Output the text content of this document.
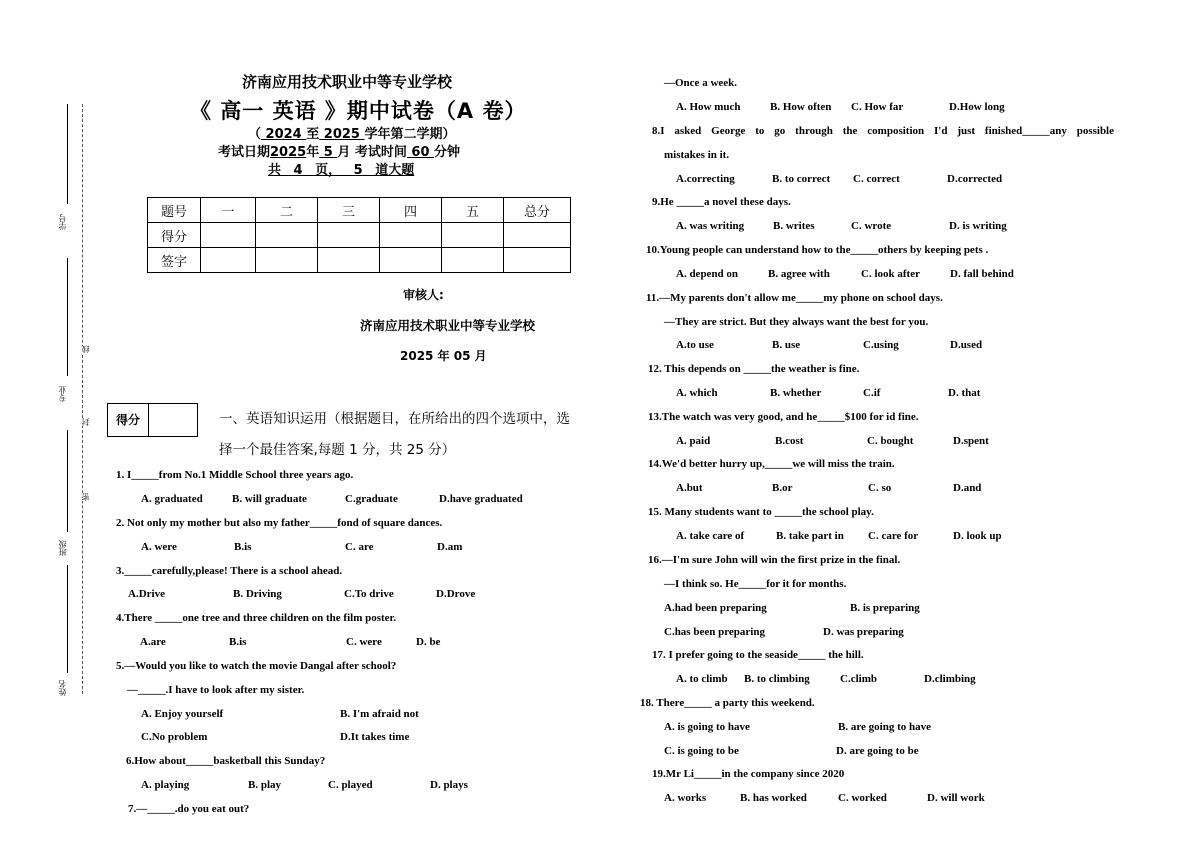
学号
线
专业
封
密
班级
姓名
济南应用技术职业中等专业学校
《 高一 英语 》期中试卷（A 卷）
（ 2024 至 2025 学年第二学期）
考试日期2025年 5 月 考试时间 60 分钟
共 4 页， 5 道大题
题号	一	二	三	四	五	总分
得分						
签字						
审核人:
济南应用技术职业中等专业学校
2025 年 05 月
得分	一、英语知识运用（根据题目，在所给出的四个选项中，选
择一个最佳答案,每题 1 分，共 25 分）
1. I_____from No.1 Middle School three years ago.
A. graduated	B. will graduate	C.graduate	D.have graduated
2. Not only my mother but also my father_____fond of square dances.
A. were	B.is	C. are	D.am
3._____carefully,please! There is a school ahead.
A.Drive	B. Driving	C.To drive	D.Drove
4.There _____one tree and three children on the film poster.
A.are	B.is	C. were	D. be
5.—Would you like to watch the movie Dangal after school?
—_____.I have to look after my sister.
A. Enjoy yourself	B. I'm afraid not
C.No problem	D.It takes time
6.How about_____basketball this Sunday?
A. playing	B. play	C. played	D. plays
7.—_____.do you eat out?
—Once a week.
A. How much	B. How often C. How far	D.How long
8.I asked George to go through the composition I'd just finished_____any possible
mistakes in it.
A.correcting	B. to correct C. correct	D.corrected
9.He _____a novel these days.
A. was writing	B. writes	C. wrote	D. is writing
10.Young people can understand how to the_____others by keeping pets .
A. depend on	B. agree with	C. look after	D. fall behind
11.—My parents don't allow me_____my phone on school days.
—They are strict. But they always want the best for you.
A.to use	B. use	C.using	D.used
12. This depends on _____the weather is fine.
A. which	B. whether	C.if	D. that
13.The watch was very good, and he_____$100 for id fine.
A. paid	B.cost	C. bought	D.spent
14.We'd better hurry up,_____we will miss the train.
A.but	B.or	C. so	D.and
15. Many students want to _____the school play.
A. take care of	B. take part in C. care for	D. look up
16.—I'm sure John will win the first prize in the final.
—I think so. He_____for it for months.
A.had been preparing	B. is preparing
C.has been preparing	D. was preparing
17. I prefer going to the seaside_____ the hill.
A. to climb B. to climbing	C.climb	D.climbing
18. There_____ a party this weekend.
A. is going to have	B. are going to have
C. is going to be	D. are going to be
19.Mr Li_____in the company since 2020
A. works	B. has worked	C. worked	D. will work
